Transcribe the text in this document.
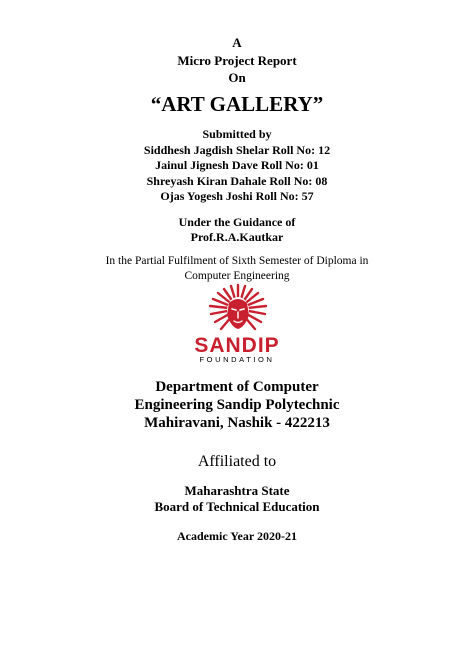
A
Micro Project Report
On
“ART GALLERY”
Submitted by
Siddhesh Jagdish Shelar Roll No: 12
Jainul Jignesh Dave Roll No: 01
Shreyash Kiran Dahale Roll No: 08
Ojas Yogesh Joshi Roll No: 57
Under the Guidance of
Prof.R.A.Kautkar
In the Partial Fulfilment of Sixth Semester of Diploma in
Computer Engineering
SANDIP
FOUNDATION
Department of Computer
Engineering Sandip Polytechnic
Mahiravani, Nashik - 422213
Affiliated to
Maharashtra State
Board of Technical Education
Academic Year 2020-21
